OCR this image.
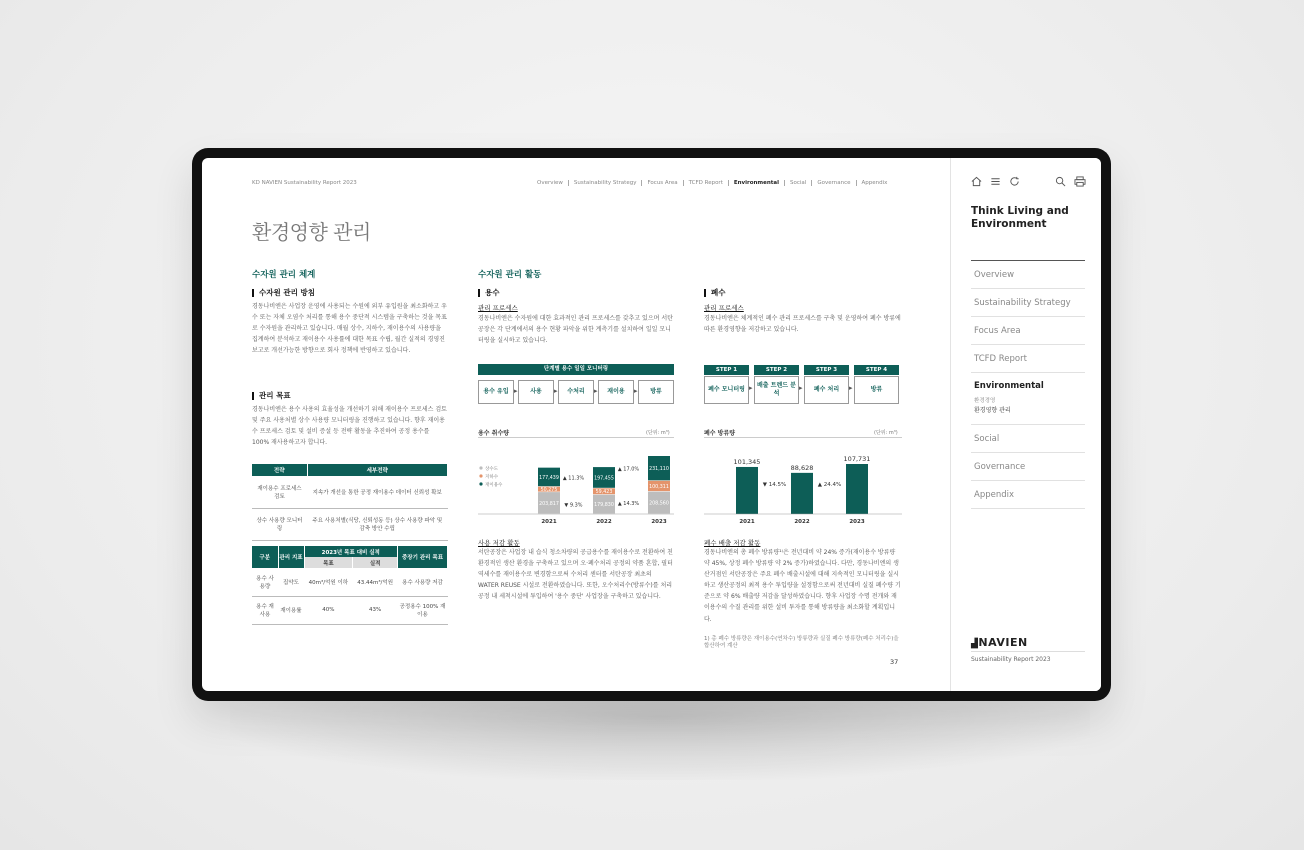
KD NAVIEN Sustainability Report 2023	Overview	Sustainability Strategy	Focus Area	TCFD Report	Environmental	Social	Governance	Appendix
환경영향 관리
수자원 관리 체계
수자원 관리 방침
경동나비엔은 사업장 운영에 사용되는 수원에 외부 유입원을 최소화하고 우수 또는 자체 오염수 처리를 통해 용수 중단적 시스템을 구축하는 것을 목표로 수자원을 관리하고 있습니다. 매월 상수, 지하수, 재이용수의 사용량을 집계하여 분석하고 재이용수 사용률에 대한 목표 수립, 월간 실적의 경영진 보고로 개선가능한 방향으로 회사 정책에 반영하고 있습니다.
관리 목표
경동나비엔은 용수 사용의 효율성을 개선하기 위해 재이용수 프로세스 검토 및 주요 사용처별 상수 사용량 모니터링을 진행하고 있습니다. 향후 재이용수 프로세스 검토 및 설비 증설 등 전략 활동을 추진하여 공정 용수를 100% 재사용하고자 합니다.
전략	세부전략
재이용수 프로세스 검토	지속가 개선을 통한 공정 재이용수 데이터 신뢰성 확보
상수 사용량 모니터링	주요 사용처별(식당, 신퇴성동 등) 상수 사용량 파악 및 감축 방안 수립
구분	관리 지표	2023년 목표 대비 실적		중장기 관리 목표
		목표	실적	
용수 사용량	집약도	40m³/억원 이하	43.44m³/억원	용수 사용량 저감
용수 재사용	재이용률	40%	43%	공정용수 100% 재이용
수자원 관리 활동
용수
관리 프로세스
경동나비엔은 수자원에 대한 효과적인 관리 프로세스를 갖추고 있으며 서탄공장은 각 단계에서의 용수 현황 파악을 위한 계측기를 설치하여 일일 모니터링을 실시하고 있습니다.
단계별 용수 일일 모니터링
용수 유입 ▸	사용	▸	수처리	▸	재이용	▸	방류
용수 취수량	(단위: m³)
상수도
지하수
재이용수
203,817
50,275
177,439
2021
179,830
59,423
197,455
2022
208,560
100,311
231,110
2023
▲ 11.3%
▼ 9.3%
▲ 17.0%
▲ 14.3%
사용 저감 활동
서탄공장은 사업장 내 습식 청소차량의 공급용수를 재이용수로 전환하여 친환경적인 생산 환경을 구축하고 있으며 오·폐수처리 공정의 약품 혼합, 필터 역세수를 재이용수로 변경함으로써 수처리 센터를 서탄공장 최초의 WATER REUSE 시설로 전환하였습니다. 또한, 오수처리수(방류수)를 처리 공정 내 세척시설에 투입하여 '용수 중단' 사업장을 구축하고 있습니다.
폐수
관리 프로세스
경동나비엔은 체계적인 폐수 관리 프로세스를 구축 및 운영하여 폐수 방류에 따른 환경영향을 저감하고 있습니다.
STEP 1
폐수 모니터링 ▸
STEP 2
배출 트렌드 분석
▸
STEP 3
폐수 처리	▸
STEP 4
방류
폐수 방류량	(단위: m³)
101,345
2021
88,628
2022
107,731
2023
▼ 14.5%	▲ 24.4%
폐수 배출 저감 활동
경동나비엔의 총 폐수 방류량¹⁾은 전년대비 약 24% 증가(재이용수 방류량 약 45%, 상정 폐수 방류량 약 2% 증가)하였습니다. 다만, 경동나비엔의 생산거점인 서탄공장은 주요 폐수 배출시설에 대해 지속적인 모니터링을 실시하고 생산공정의 최적 용수 투입량을 설정함으로써 전년대비 실질 폐수량 기준으로 약 6% 배출량 저감을 달성하였습니다. 향후 사업장 수명 전개와 재이용수의 수질 관리를 위한 설비 투자를 통해 방류량을 최소화할 계획입니다.
1) 총 폐수 방류량은 재이용수(연차수) 방류량과 실질 폐수 방류량(폐수 처리수)을 합산하여 계산
37
Think Living and Environment
Overview
Sustainability Strategy
Focus Area
TCFD Report
Environmental
환경경영
환경영향 관리
Social
Governance
Appendix
▟NAVIEN
Sustainability Report 2023
